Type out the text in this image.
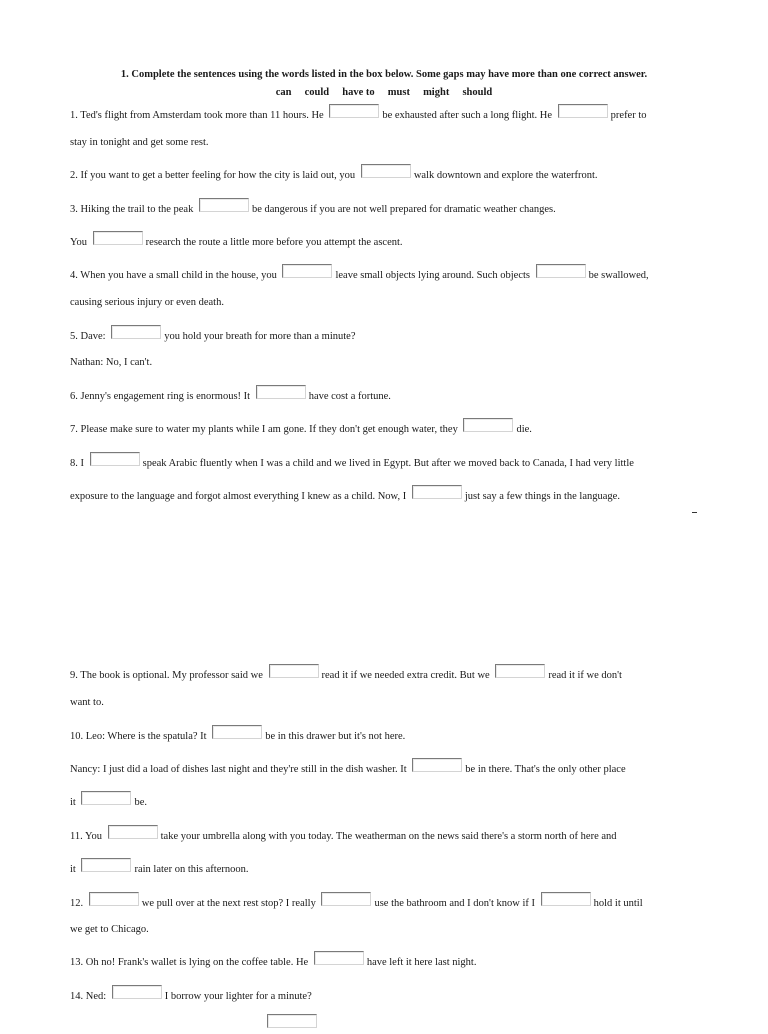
1. Complete the sentences using the words listed in the box below. Some gaps may have more than one correct answer.
can     could     have to     must     might     should
1. Ted's flight from Amsterdam took more than 11 hours. He	be exhausted after such a long flight. He	prefer to
stay in tonight and get some rest.
2. If you want to get a better feeling for how the city is laid out, you	walk downtown and explore the waterfront.
3. Hiking the trail to the peak	be dangerous if you are not well prepared for dramatic weather changes.
You	research the route a little more before you attempt the ascent.
4. When you have a small child in the house, you	leave small objects lying around. Such objects	be swallowed,
causing serious injury or even death.
5. Dave:	you hold your breath for more than a minute?
Nathan: No, I can't.
6. Jenny's engagement ring is enormous! It	have cost a fortune.
7. Please make sure to water my plants while I am gone. If they don't get enough water, they	die.
8. I	speak Arabic fluently when I was a child and we lived in Egypt. But after we moved back to Canada, I had very little
exposure to the language and forgot almost everything I knew as a child. Now, I	just say a few things in the language.
9. The book is optional. My professor said we	read it if we needed extra credit. But we	read it if we don't
want to.
10. Leo: Where is the spatula? It	be in this drawer but it's not here.
Nancy: I just did a load of dishes last night and they're still in the dish washer. It	be in there. That's the only other place
it	be.
11. You	take your umbrella along with you today. The weatherman on the news said there's a storm north of here and
it	rain later on this afternoon.
12.	we pull over at the next rest stop? I really	use the bathroom and I don't know if I	hold it until
we get to Chicago.
13. Oh no! Frank's wallet is lying on the coffee table. He	have left it here last night.
14. Ned:	I borrow your lighter for a minute?
